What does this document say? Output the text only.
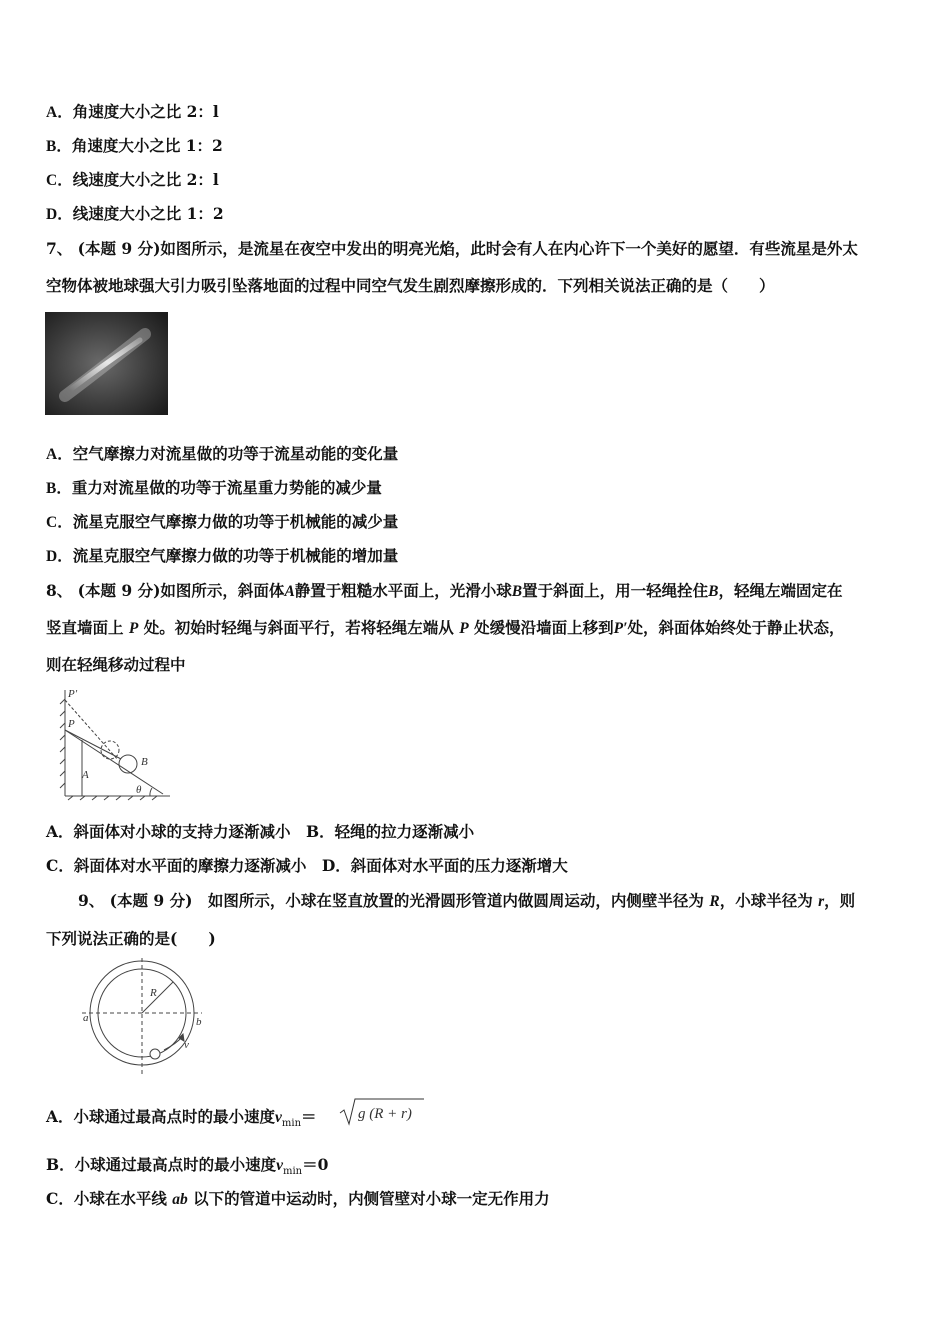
A．角速度大小之比 2：l
B．角速度大小之比 1：2
C．线速度大小之比 2：l
D．线速度大小之比 1：2
7、 (本题 9 分)如图所示，是流星在夜空中发出的明亮光焰，此时会有人在内心许下一个美好的愿望．有些流星是外太
空物体被地球强大引力吸引坠落地面的过程中同空气发生剧烈摩擦形成的．下列相关说法正确的是（　　）
A．空气摩擦力对流星做的功等于流星动能的变化量
B．重力对流星做的功等于流星重力势能的减少量
C．流星克服空气摩擦力做的功等于机械能的减少量
D．流星克服空气摩擦力做的功等于机械能的增加量
8、 (本题 9 分)如图所示，斜面体A静置于粗糙水平面上，光滑小球B置于斜面上，用一轻绳拴住B，轻绳左端固定在
竖直墙面上 P 处。初始时轻绳与斜面平行，若将轻绳左端从 P 处缓慢沿墙面上移到P′处，斜面体始终处于静止状态，
则在轻绳移动过程中
P′
P
A
B
θ
A．斜面体对小球的支持力逐渐减小　B．轻绳的拉力逐渐减小
C．斜面体对水平面的摩擦力逐渐减小　D．斜面体对水平面的压力逐渐增大
9、 (本题 9 分)　如图所示，小球在竖直放置的光滑圆形管道内做圆周运动，内侧壁半径为 R，小球半径为 r，则
下列说法正确的是(　　)
R
a	b
v
A．小球通过最高点时的最小速度$v_{min}=$	g (R + r)
B．小球通过最高点时的最小速度$v_{min}=0$
C．小球在水平线 ab 以下的管道中运动时，内侧管壁对小球一定无作用力
